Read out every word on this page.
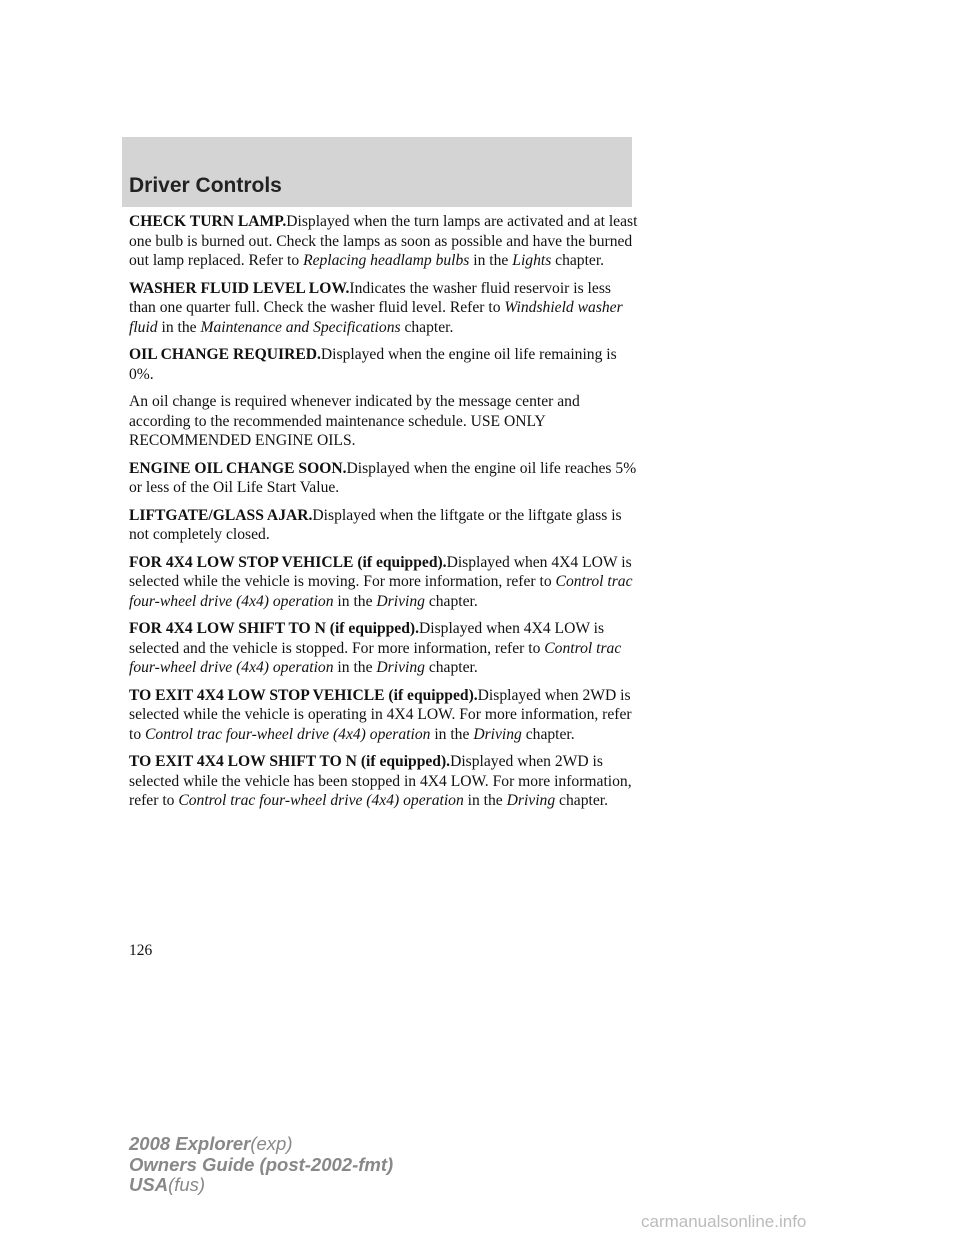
Driver Controls

CHECK TURN LAMP.Displayed when the turn lamps are activated and at least one bulb is burned out. Check the lamps as soon as possible and have the burned out lamp replaced. Refer to Replacing headlamp bulbs in the Lights chapter.

WASHER FLUID LEVEL LOW.Indicates the washer fluid reservoir is less than one quarter full. Check the washer fluid level. Refer to Windshield washer fluid in the Maintenance and Specifications chapter.

OIL CHANGE REQUIRED.Displayed when the engine oil life remaining is 0%.

An oil change is required whenever indicated by the message center and according to the recommended maintenance schedule. USE ONLY RECOMMENDED ENGINE OILS.

ENGINE OIL CHANGE SOON.Displayed when the engine oil life reaches 5% or less of the Oil Life Start Value.

LIFTGATE/GLASS AJAR.Displayed when the liftgate or the liftgate glass is not completely closed.

FOR 4X4 LOW STOP VEHICLE (if equipped).Displayed when 4X4 LOW is selected while the vehicle is moving. For more information, refer to Control trac four-wheel drive (4x4) operation in the Driving chapter.

FOR 4X4 LOW SHIFT TO N (if equipped).Displayed when 4X4 LOW is selected and the vehicle is stopped. For more information, refer to Control trac four-wheel drive (4x4) operation in the Driving chapter.

TO EXIT 4X4 LOW STOP VEHICLE (if equipped).Displayed when 2WD is selected while the vehicle is operating in 4X4 LOW. For more information, refer to Control trac four-wheel drive (4x4) operation in the Driving chapter.

TO EXIT 4X4 LOW SHIFT TO N (if equipped).Displayed when 2WD is selected while the vehicle has been stopped in 4X4 LOW. For more information, refer to Control trac four-wheel drive (4x4) operation in the Driving chapter.

126
2008 Explorer(exp)
Owners Guide (post-2002-fmt)
USA(fus)
carmanualsonline.info
